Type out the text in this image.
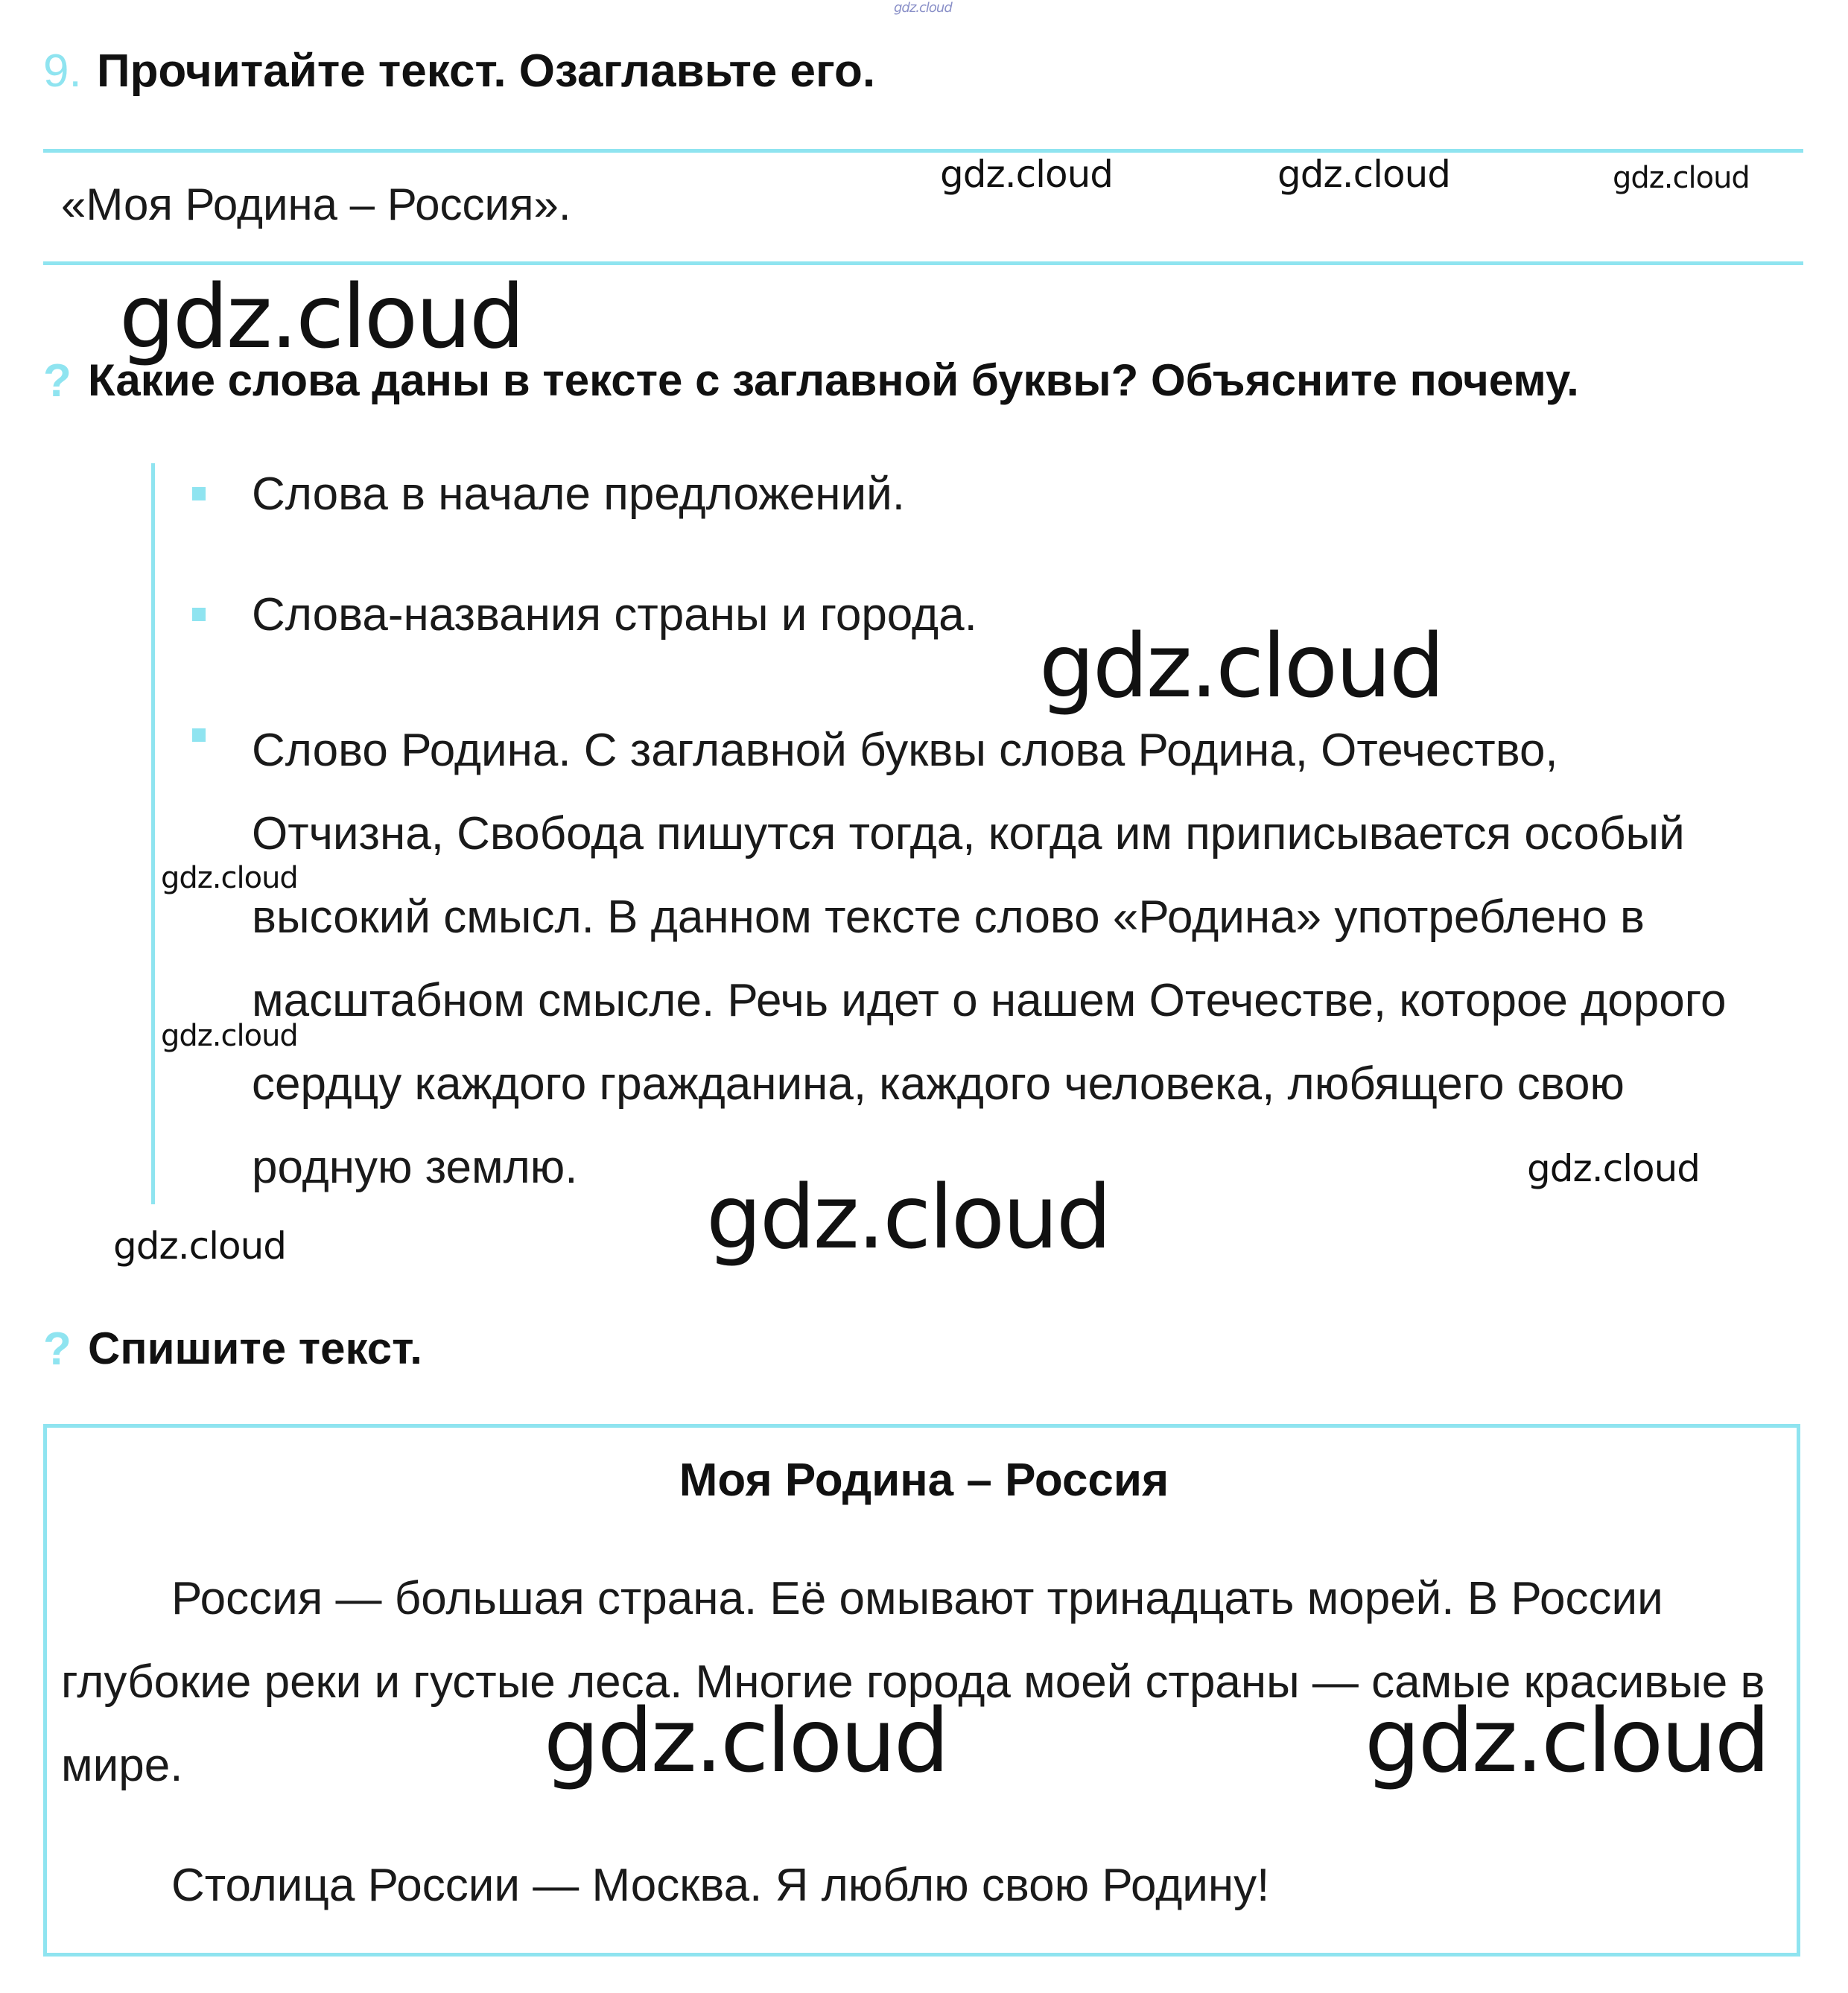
gdz.cloud
9. Прочитайте текст. Озаглавьте его.
«Моя Родина – Россия».
gdz.cloud	gdz.cloud	gdz.cloud
gdz.cloud
? Какие слова даны в тексте с заглавной буквы? Объясните почему.
Слова в начале предложений.
Слова-названия страны и города.
Слово Родина. С заглавной буквы слова Родина, Отечество, Отчизна, Свобода пишутся тогда, когда им приписывается особый высокий смысл. В данном тексте слово «Родина» употреблено в масштабном смысле. Речь идет о нашем Отечестве, которое дорого сердцу каждого гражданина, каждого человека, любящего свою родную землю.
gdz.cloud
gdz.cloud
gdz.cloud
gdz.cloud
gdz.cloud
gdz.cloud
? Спишите текст.
Моя Родина – Россия

Россия — большая страна. Её омывают тринадцать морей. В России глубокие реки и густые леса. Многие города моей страны — самые красивые в мире.

Столица России — Москва. Я люблю свою Родину!

gdz.cloud	gdz.cloud
